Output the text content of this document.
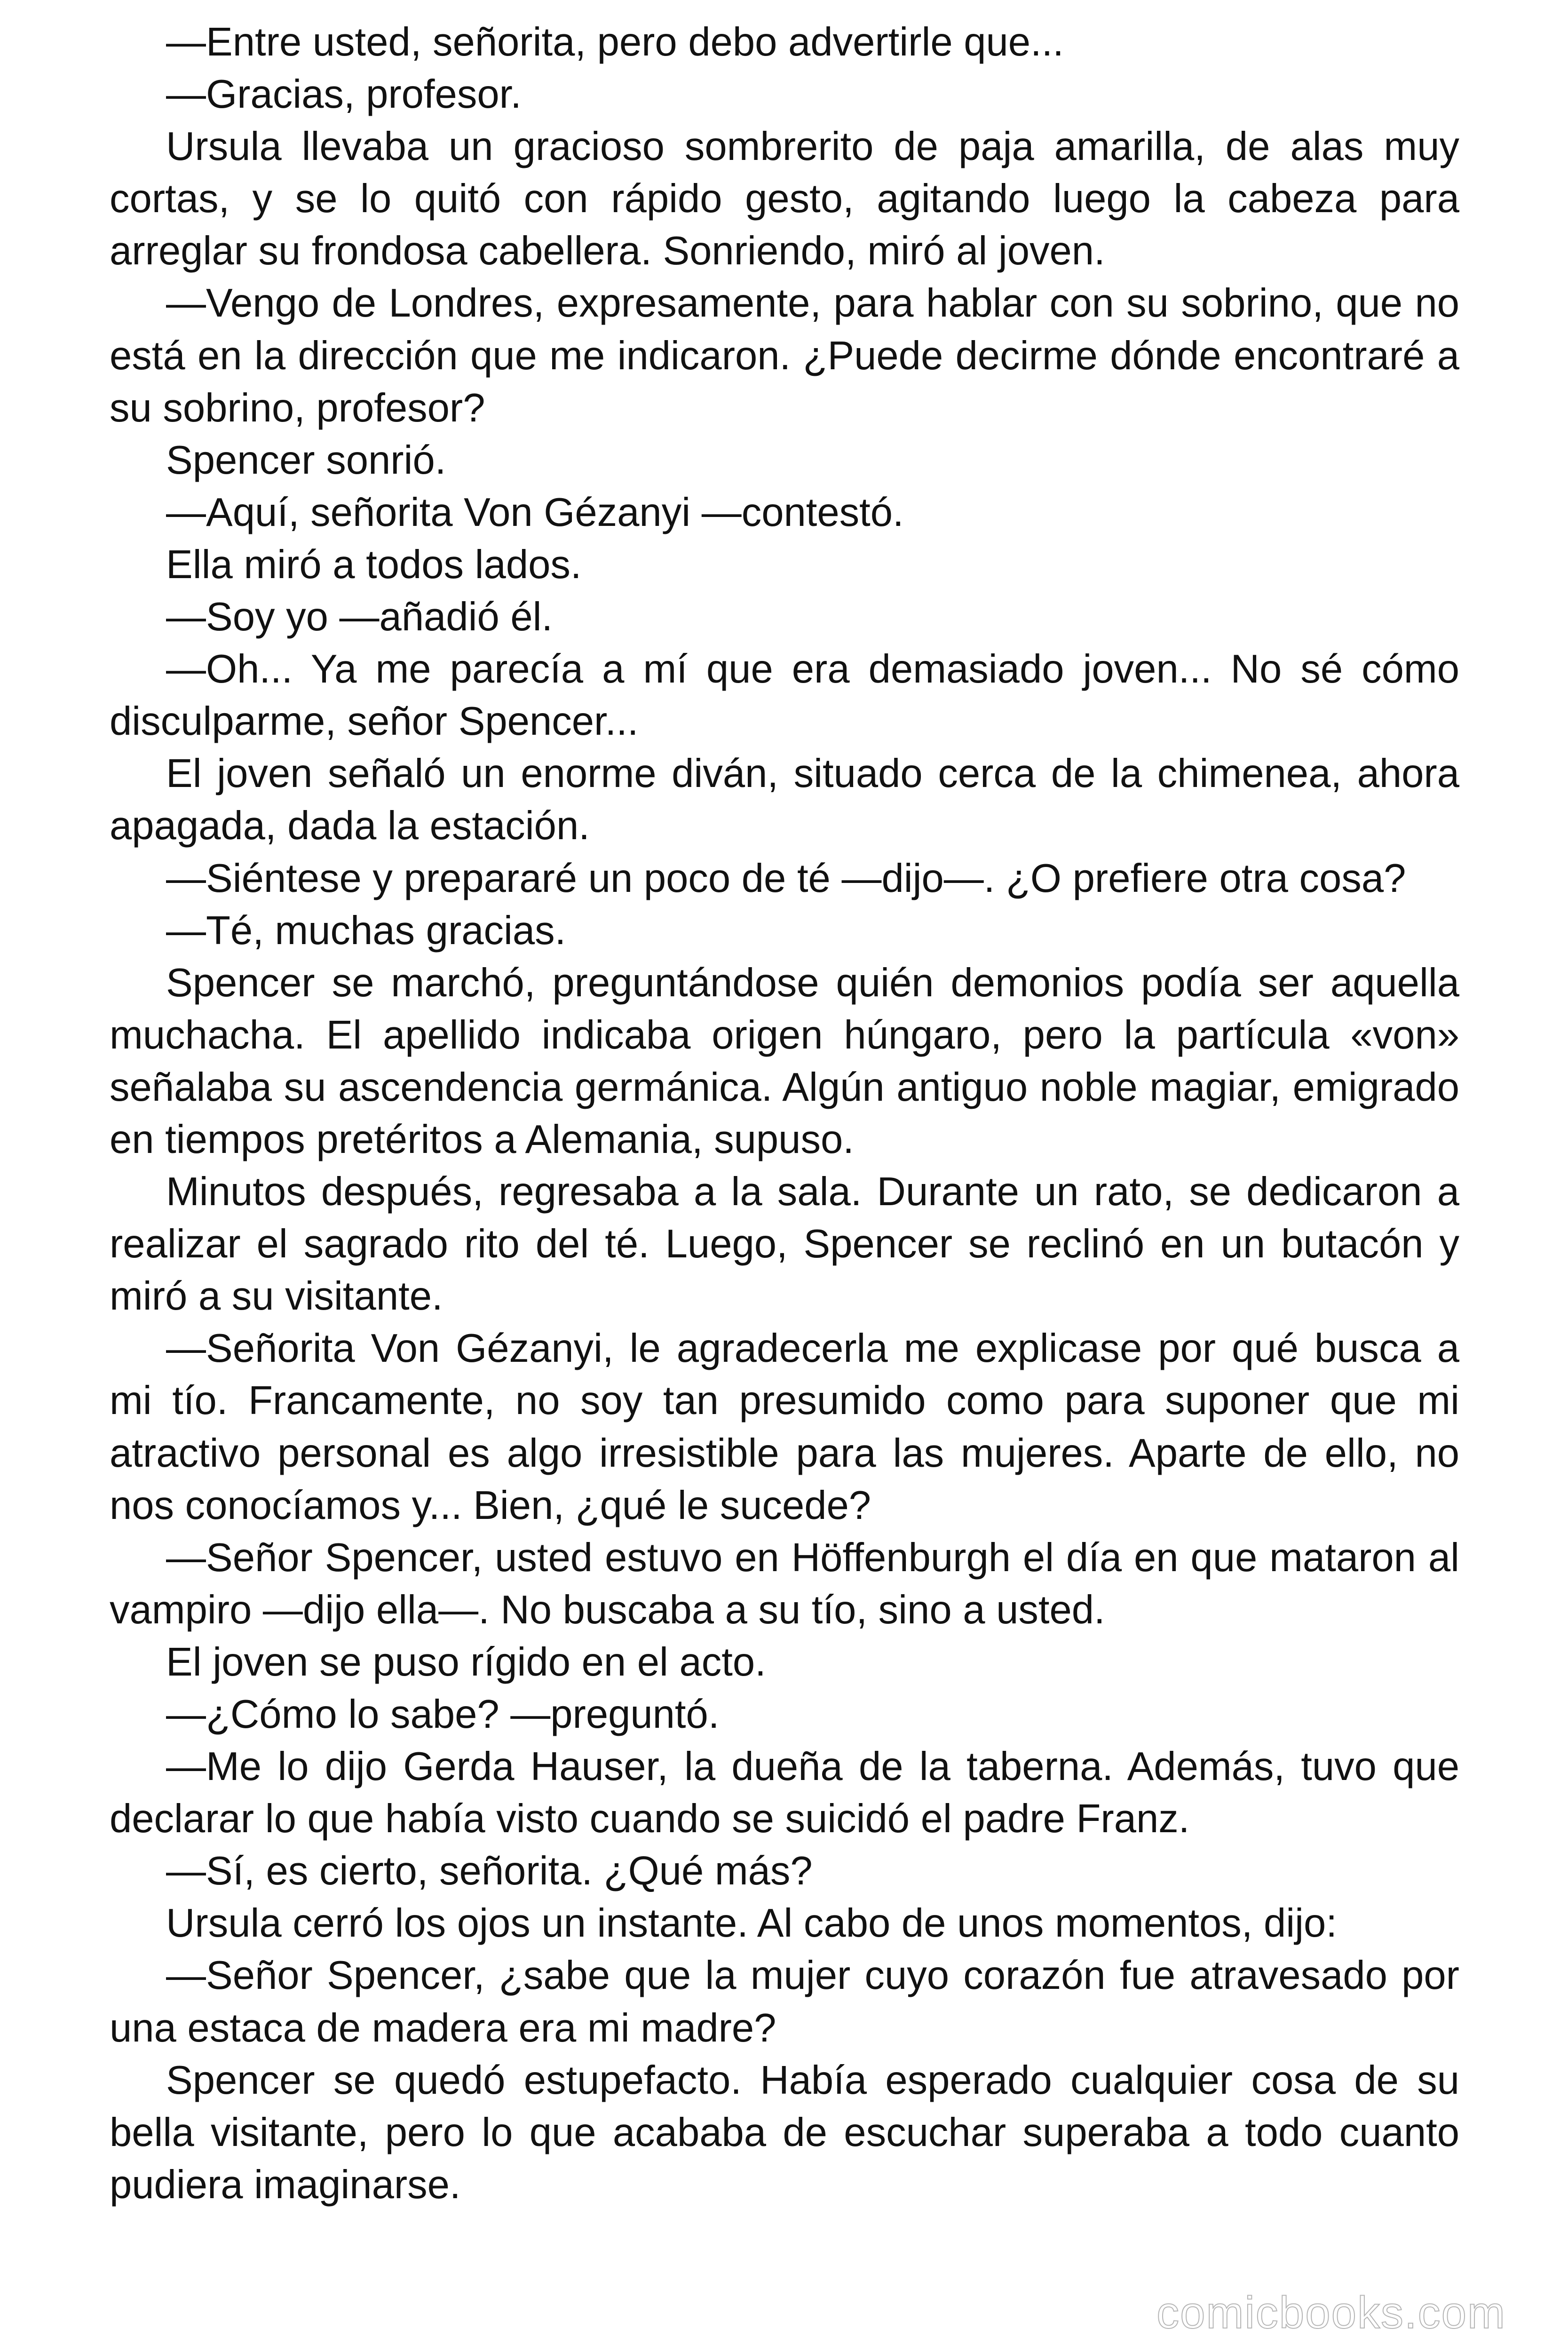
—Entre usted, señorita, pero debo advertirle que...

—Gracias, profesor.

Ursula llevaba un gracioso sombrerito de paja amarilla, de alas muy cortas, y se lo quitó con rápido gesto, agitando luego la cabeza para arreglar su frondosa cabellera. Sonriendo, miró al joven.

—Vengo de Londres, expresamente, para hablar con su sobrino, que no está en la dirección que me indicaron. ¿Puede decirme dónde encontraré a su sobrino, profesor?

Spencer sonrió.

—Aquí, señorita Von Gézanyi —contestó.

Ella miró a todos lados.

—Soy yo —añadió él.

—Oh... Ya me parecía a mí que era demasiado joven... No sé cómo disculparme, señor Spencer...

El joven señaló un enorme diván, situado cerca de la chimenea, ahora apagada, dada la estación.

—Siéntese y prepararé un poco de té —dijo—. ¿O prefiere otra cosa?

—Té, muchas gracias.

Spencer se marchó, preguntándose quién demonios podía ser aquella muchacha. El apellido indicaba origen húngaro, pero la partícula «von» señalaba su ascendencia germánica. Algún antiguo noble magiar, emigrado en tiempos pretéritos a Alemania, supuso.

Minutos después, regresaba a la sala. Durante un rato, se dedicaron a realizar el sagrado rito del té. Luego, Spencer se reclinó en un butacón y miró a su visitante.

—Señorita Von Gézanyi, le agradecerla me explicase por qué busca a mi tío. Francamente, no soy tan presumido como para suponer que mi atractivo personal es algo irresistible para las mujeres. Aparte de ello, no nos conocíamos y... Bien, ¿qué le sucede?

—Señor Spencer, usted estuvo en Höffenburgh el día en que mataron al vampiro —dijo ella—. No buscaba a su tío, sino a usted.

El joven se puso rígido en el acto.

—¿Cómo lo sabe? —preguntó.

—Me lo dijo Gerda Hauser, la dueña de la taberna. Además, tuvo que declarar lo que había visto cuando se suicidó el padre Franz.

—Sí, es cierto, señorita. ¿Qué más?

Ursula cerró los ojos un instante. Al cabo de unos momentos, dijo:

—Señor Spencer, ¿sabe que la mujer cuyo corazón fue atravesado por una estaca de madera era mi madre?

Spencer se quedó estupefacto. Había esperado cualquier cosa de su bella visitante, pero lo que acababa de escuchar superaba a todo cuanto pudiera imaginarse.

comicbooks.com
